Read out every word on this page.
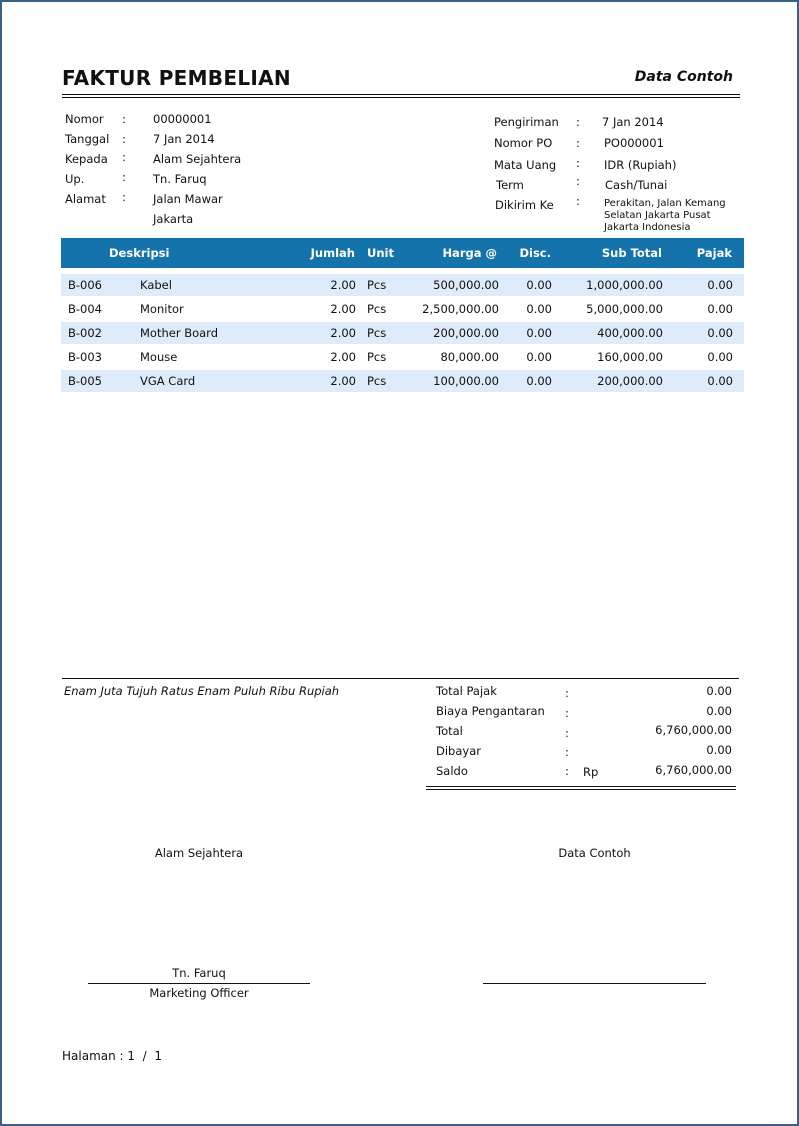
FAKTUR PEMBELIAN	Data Contoh
Nomor : 00000001
Tanggal : 7 Jan 2014
Kepada : Alam Sejahtera
Up.	: Tn. Faruq
Alamat : Jalan Mawar
Jakarta
Pengiriman : 7 Jan 2014
Nomor PO : PO000001
Mata Uang : IDR (Rupiah)
Term	: Cash/Tunai
Dikirim Ke : Perakitan, Jalan Kemang Selatan Jakarta Pusat Jakarta Indonesia
Deskripsi	Jumlah Unit	Harga @ Disc.	Sub Total	Pajak
B-006	Kabel	2.00 Pcs	500,000.00 0.00	1,000,000.00	0.00
B-004	Monitor	2.00 Pcs	2,500,000.00 0.00	5,000,000.00	0.00
B-002	Mother Board	2.00 Pcs	200,000.00 0.00	400,000.00	0.00
B-003	Mouse	2.00 Pcs	80,000.00 0.00	160,000.00	0.00
B-005	VGA Card	2.00 Pcs	100,000.00 0.00	200,000.00	0.00
Enam Juta Tujuh Ratus Enam Puluh Ribu Rupiah	Total Pajak	:	0.00
Biaya Pengantaran :	0.00
Total	:	6,760,000.00
Dibayar	:	0.00
Saldo	: Rp	6,760,000.00
Alam Sejahtera
Tn. Faruq
Marketing Officer
Data Contoh
Halaman : 1  /  1
